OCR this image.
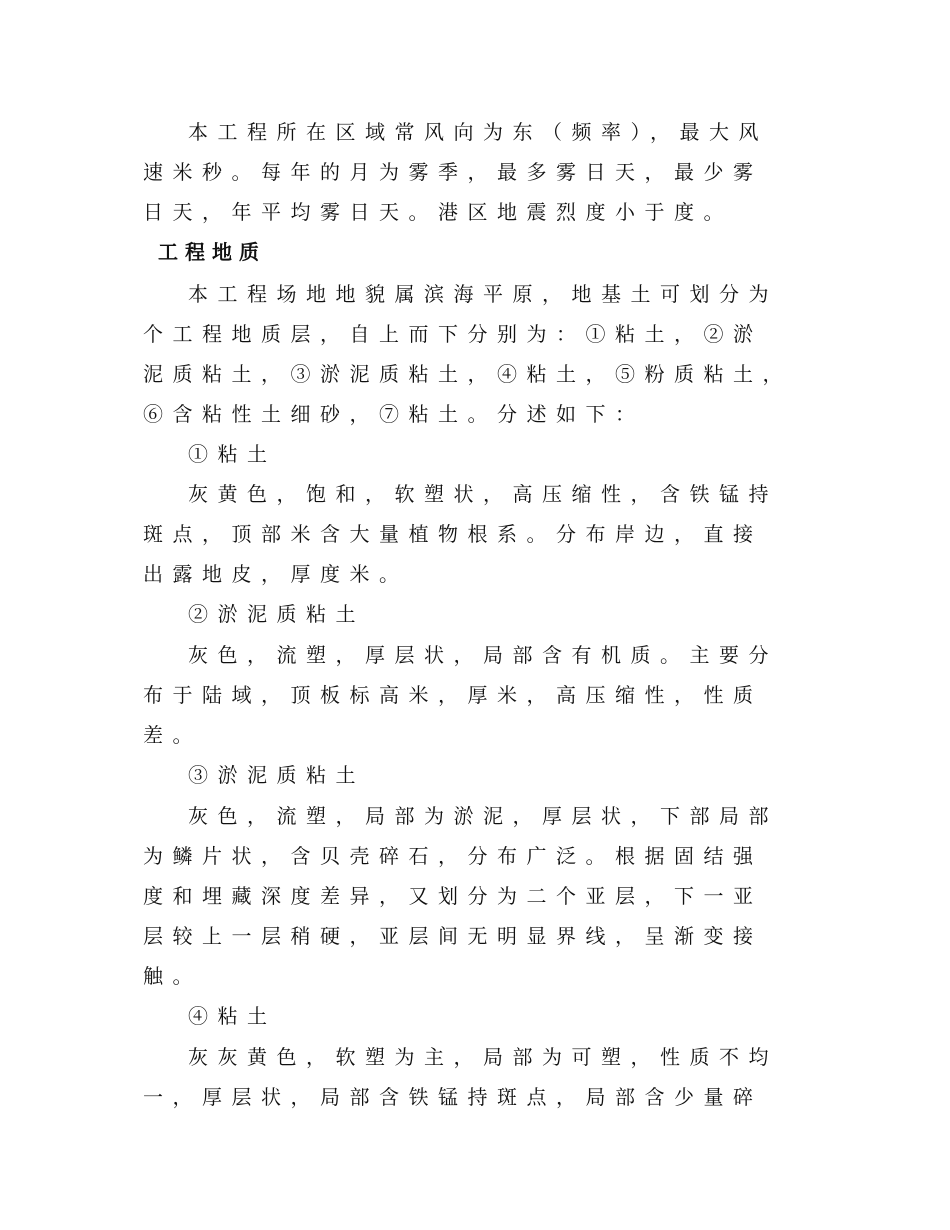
本工程所在区域常风向为东（频率），最大风
速米秒。每年的月为雾季，最多雾日天，最少雾
日天，年平均雾日天。港区地震烈度小于度。
工程地质
本工程场地地貌属滨海平原，地基土可划分为
个工程地质层，自上而下分别为：①粘土，②淤
泥质粘土，③淤泥质粘土，④粘土，⑤粉质粘土，
⑥含粘性土细砂，⑦粘土。分述如下：
①粘土
灰黄色，饱和，软塑状，高压缩性，含铁锰持
斑点，顶部米含大量植物根系。分布岸边，直接
出露地皮，厚度米。
②淤泥质粘土
灰色，流塑，厚层状，局部含有机质。主要分
布于陆域，顶板标高米，厚米，高压缩性，性质
差。
③淤泥质粘土
灰色，流塑，局部为淤泥，厚层状，下部局部
为鳞片状，含贝壳碎石，分布广泛。根据固结强
度和埋藏深度差异，又划分为二个亚层，下一亚
层较上一层稍硬，亚层间无明显界线，呈渐变接
触。
④粘土
灰灰黄色，软塑为主，局部为可塑，性质不均
一，厚层状，局部含铁锰持斑点，局部含少量碎
